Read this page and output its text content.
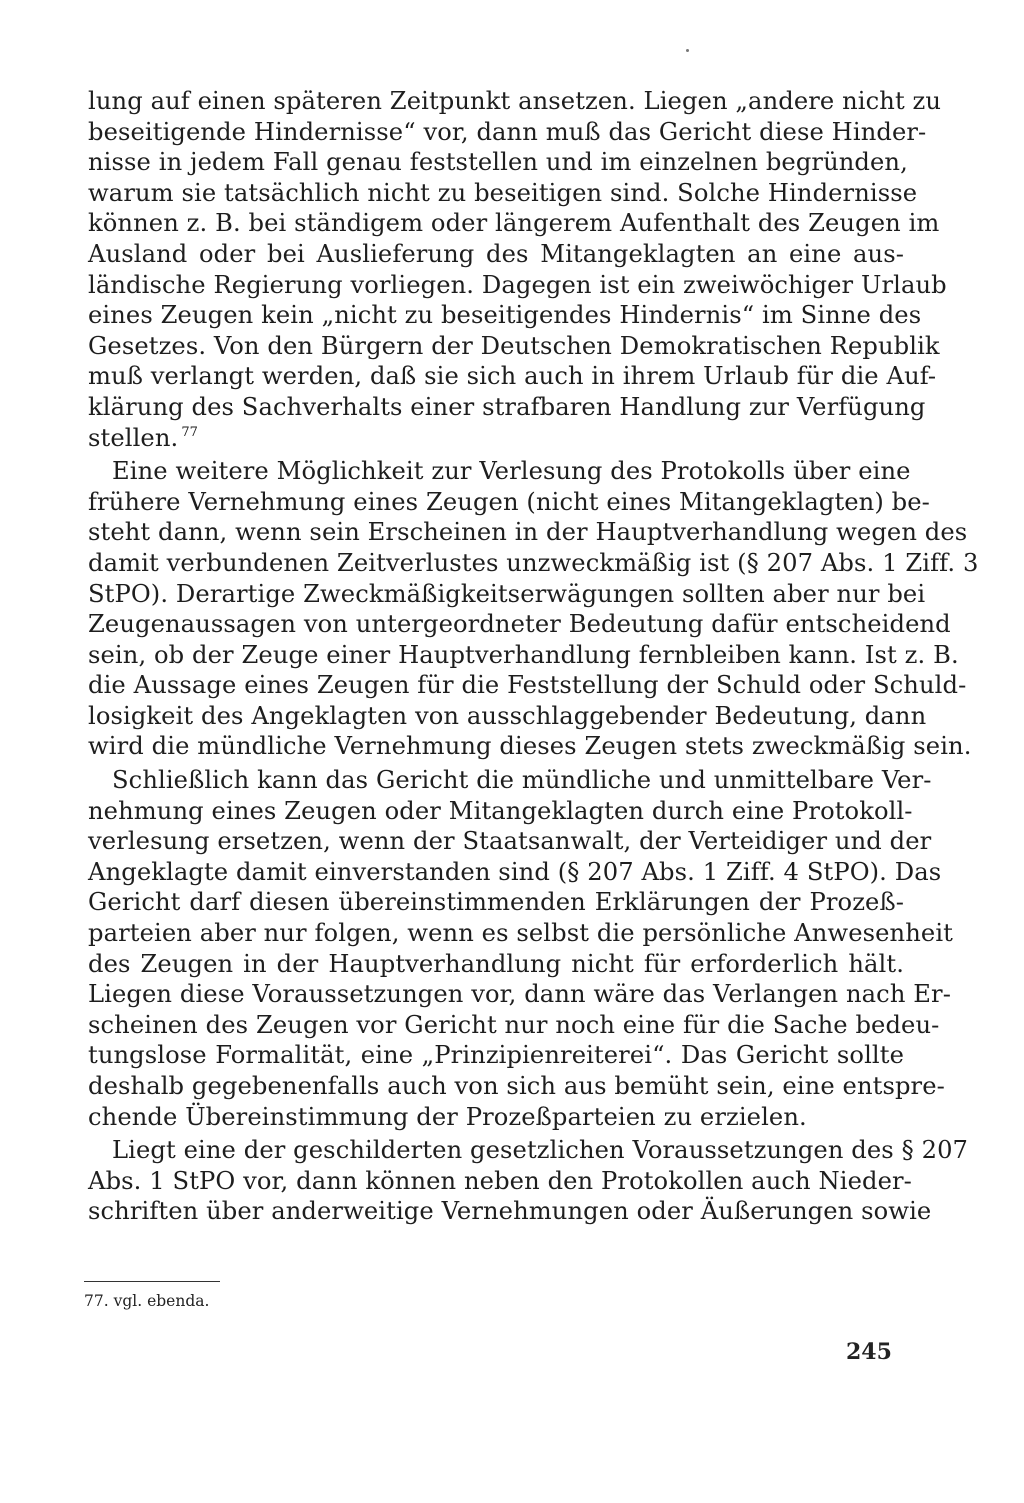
lung auf einen späteren Zeitpunkt ansetzen. Liegen „andere nicht zu
beseitigende Hindernisse“ vor, dann muß das Gericht diese Hinder-
nisse in jedem Fall genau feststellen und im einzelnen begründen,
warum sie tatsächlich nicht zu beseitigen sind. Solche Hindernisse
können z. B. bei ständigem oder längerem Aufenthalt des Zeugen im
Ausland oder bei Auslieferung des Mitangeklagten an eine aus-
ländische Regierung vorliegen. Dagegen ist ein zweiwöchiger Urlaub
eines Zeugen kein „nicht zu beseitigendes Hindernis“ im Sinne des
Gesetzes. Von den Bürgern der Deutschen Demokratischen Republik
muß verlangt werden, daß sie sich auch in ihrem Urlaub für die Auf-
klärung des Sachverhalts einer strafbaren Handlung zur Verfügung
stellen. $^{77}$
Eine weitere Möglichkeit zur Verlesung des Protokolls über eine
frühere Vernehmung eines Zeugen (nicht eines Mitangeklagten) be-
steht dann, wenn sein Erscheinen in der Hauptverhandlung wegen des
damit verbundenen Zeitverlustes unzweckmäßig ist (§ 207 Abs. 1 Ziff. 3
StPO). Derartige Zweckmäßigkeitserwägungen sollten aber nur bei
Zeugenaussagen von untergeordneter Bedeutung dafür entscheidend
sein, ob der Zeuge einer Hauptverhandlung fernbleiben kann. Ist z. B.
die Aussage eines Zeugen für die Feststellung der Schuld oder Schuld-
losigkeit des Angeklagten von ausschlaggebender Bedeutung, dann
wird die mündliche Vernehmung dieses Zeugen stets zweckmäßig sein.
Schließlich kann das Gericht die mündliche und unmittelbare Ver-
nehmung eines Zeugen oder Mitangeklagten durch eine Protokoll-
verlesung ersetzen, wenn der Staatsanwalt, der Verteidiger und der
Angeklagte damit einverstanden sind (§ 207 Abs. 1 Ziff. 4 StPO). Das
Gericht darf diesen übereinstimmenden Erklärungen der Prozeß-
parteien aber nur folgen, wenn es selbst die persönliche Anwesenheit
des Zeugen in der Hauptverhandlung nicht für erforderlich hält.
Liegen diese Voraussetzungen vor, dann wäre das Verlangen nach Er-
scheinen des Zeugen vor Gericht nur noch eine für die Sache bedeu-
tungslose Formalität, eine „Prinzipienreiterei“. Das Gericht sollte
deshalb gegebenenfalls auch von sich aus bemüht sein, eine entspre-
chende Übereinstimmung der Prozeßparteien zu erzielen.
Liegt eine der geschilderten gesetzlichen Voraussetzungen des § 207
Abs. 1 StPO vor, dann können neben den Protokollen auch Nieder-
schriften über anderweitige Vernehmungen oder Äußerungen sowie
77. vgl. ebenda.
245
